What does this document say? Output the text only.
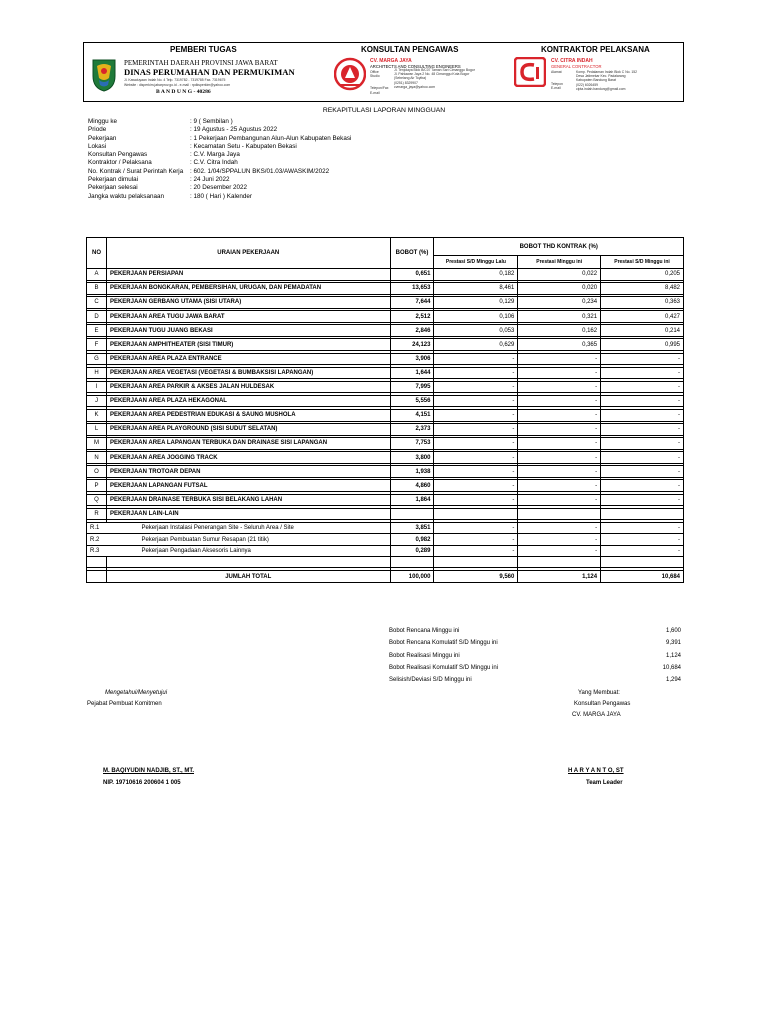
PEMBERI TUGAS	KONSULTAN PENGAWAS	KONTRAKTOR PELAKSANA
PEMERINTAH DAERAH PROVINSI JAWA BARAT
DINAS PERUMAHAN DAN PERMUKIMAN
Jl. Kawaluyaan Indah No. 4 Telp. 7319782 - 7319785 Fax. 7319675
Website : disperkim.jabarprov.go.id - e-mail : rpdksperkim@yahoo.com
B A N D U N G - 40286
CV. MARGA JAYA
ARCHITECTS AND CONSULTING ENGINEERS
Office
Studio
Telepon/Fax
E-mail
Jl. Tenjolaya Blok B/C07 Taman Sari Cimanggu Bogor
Jl. Pahlawan Jaya 2 No. 48 Cimanggu Kota Bogor
(Sebelang Air Toyiba)
(0251) 8329907
cvmarga_jaya@yahoo.com
CV. CITRA INDAH
GENERAL CONTRACTOR
Alamat
Telepon
E-mail
Komp. Pedalaman Indah Blok C No. 152
Desa Jatimekar Kec. Padalarang
Kabupaten Bandung Barat
(022) 6026459
cipta.indah.bandung@gmail.com
REKAPITULASI LAPORAN MINGGUAN
Minggu ke	: 9 ( Sembilan )
Priode	: 19 Agustus - 25 Agustus 2022
Pekerjaan	: 1 Pekerjaan Pembangunan Alun-Alun Kabupaten Bekasi
Lokasi	: Kecamatan Setu - Kabupaten Bekasi
Konsultan Pengawas	: C.V. Marga Jaya
Kontraktor / Pelaksana	: C.V. Citra Indah
No. Kontrak / Surat Perintah Kerja : 602. 1/04/SPPALUN BKS/01.03/AWASKIM/2022
Pekerjaan dimulai	: 24 Juni 2022
Pekerjaan selesai	: 20 Desember 2022
Jangka waktu pelaksanaan	: 180 ( Hari ) Kalender
NO	URAIAN PEKERJAAN	BOBOT (%)	BOBOT THD KONTRAK (%)		
			Prestasi S/D Minggu Lalu	Prestasi Minggu ini	Prestasi S/D Minggu ini
A	PEKERJAAN PERSIAPAN	0,651	0,182	0,022	0,205

B	PEKERJAAN BONGKARAN, PEMBERSIHAN, URUGAN, DAN PEMADATAN	13,653	8,461	0,020	8,482

C	PEKERJAAN GERBANG UTAMA (SISI UTARA)	7,644	0,129	0,234	0,363

D	PEKERJAAN AREA TUGU JAWA BARAT	2,512	0,106	0,321	0,427

E	PEKERJAAN TUGU JUANG BEKASI	2,846	0,053	0,162	0,214

F	PEKERJAAN AMPHITHEATER (SISI TIMUR)	24,123	0,629	0,365	0,995

G	PEKERJAAN AREA PLAZA ENTRANCE	3,906	-	-	-

H	PEKERJAAN AREA VEGETASI (VEGETASI & BUMBAKSISI LAPANGAN)	1,644	-	-	-

I	PEKERJAAN AREA PARKIR & AKSES JALAN HULDESAK	7,995	-	-	-

J	PEKERJAAN AREA PLAZA HEKAGONAL	5,556	-	-	-

K	PEKERJAAN AREA PEDESTRIAN EDUKASI & SAUNG MUSHOLA	4,151	-	-	-

L	PEKERJAAN AREA PLAYGROUND (SISI SUDUT SELATAN)	2,373	-	-	-

M	PEKERJAAN AREA LAPANGAN TERBUKA DAN DRAINASE SISI LAPANGAN	7,753	-	-	-

N	PEKERJAAN AREA JOGGING TRACK	3,800	-	-	-

O	PEKERJAAN TROTOAR DEPAN	1,938	-	-	-

P	PEKERJAAN LAPANGAN FUTSAL	4,860	-	-	-

Q	PEKERJAAN DRAINASE TERBUKA SISI BELAKANG LAHAN	1,864	-	-	-

R	PEKERJAAN LAIN-LAIN				

R.1	Pekerjaan Instalasi Penerangan Site - Seluruh Area / Site	3,851	-	-	-
R.2	Pekerjaan Pembuatan Sumur Resapan (21 titik)	0,982	-	-	-
R.3	Pekerjaan Pengadaan Aksesoris Lainnya	0,289	-	-	-

	JUMLAH TOTAL	100,000	9,560	1,124	10,684
Bobot Rencana Minggu ini	1,600
Bobot Rencana Komulatif S/D Minggu ini	9,391
Bobot Realisasi Minggu ini	1,124
Bobot Realisasi Komulatif S/D Minggu ini	10,684
Selisish/Deviasi S/D Minggu ini	1,294
Mengetahui/Menyetujui
Pejabat Pembuat Komitmen
M. BAQIYUDIN NADJIB, ST., MT.
NIP. 19710616 200604 1 005
Yang Membuat:
Konsultan Pengawas
CV. MARGA JAYA
H A R Y A N T O, ST
Team Leader
